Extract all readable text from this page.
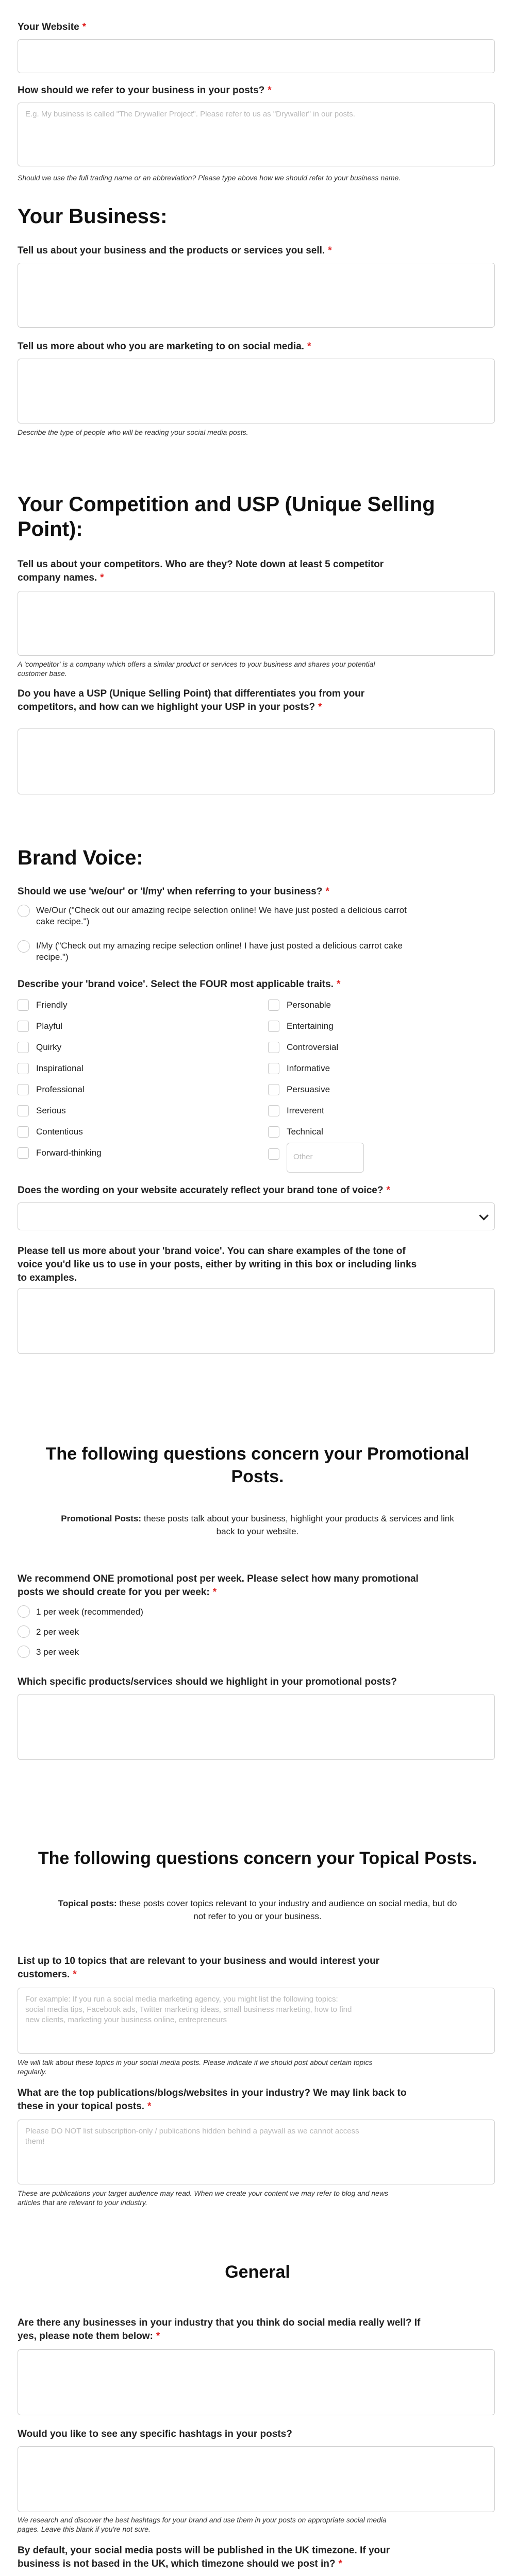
Your Website *
How should we refer to your business in your posts? *
E.g. My business is called "The Drywaller Project". Please refer to us as "Drywaller" in our posts.
Should we use the full trading name or an abbreviation? Please type above how we should refer to your business name.
Your Business:
Tell us about your business and the products or services you sell. *
Tell us more about who you are marketing to on social media. *
Describe the type of people who will be reading your social media posts.
Your Competition and USP (Unique Selling
Point):
Tell us about your competitors. Who are they? Note down at least 5 competitor
company names. *
A 'competitor' is a company which offers a similar product or services to your business and shares your potential
customer base.
Do you have a USP (Unique Selling Point) that differentiates you from your
competitors, and how can we highlight your USP in your posts? *
Brand Voice:
Should we use 'we/our' or 'I/my' when referring to your business? *
We/Our ("Check out our amazing recipe selection online! We have just posted a delicious carrot
cake recipe.")
I/My ("Check out my amazing recipe selection online! I have just posted a delicious carrot cake
recipe.")
Describe your 'brand voice'. Select the FOUR most applicable traits. *
Friendly
Playful
Quirky
Inspirational
Professional
Serious
Contentious
Forward-thinking
Personable
Entertaining
Controversial
Informative
Persuasive
Irreverent
Technical
Other
Does the wording on your website accurately reflect your brand tone of voice? *
Please tell us more about your 'brand voice'. You can share examples of the tone of
voice you'd like us to use in your posts, either by writing in this box or including links
to examples.
The following questions concern your Promotional
Posts.
Promotional Posts: these posts talk about your business, highlight your products & services and link
back to your website.
We recommend ONE promotional post per week. Please select how many promotional
posts we should create for you per week: *
1 per week (recommended)
2 per week
3 per week
Which specific products/services should we highlight in your promotional posts?
The following questions concern your Topical Posts.
Topical posts: these posts cover topics relevant to your industry and audience on social media, but do
not refer to you or your business.
List up to 10 topics that are relevant to your business and would interest your
customers. *
For example: If you run a social media marketing agency, you might list the following topics:
social media tips, Facebook ads, Twitter marketing ideas, small business marketing, how to find
new clients, marketing your business online, entrepreneurs
We will talk about these topics in your social media posts. Please indicate if we should post about certain topics
regularly.
What are the top publications/blogs/websites in your industry? We may link back to
these in your topical posts. *
Please DO NOT list subscription-only / publications hidden behind a paywall as we cannot access
them!
These are publications your target audience may read. When we create your content we may refer to blog and news
articles that are relevant to your industry.
General
Are there any businesses in your industry that you think do social media really well? If
yes, please note them below: *
Would you like to see any specific hashtags in your posts?
We research and discover the best hashtags for your brand and use them in your posts on appropriate social media
pages. Leave this blank if you're not sure.
By default, your social media posts will be published in the UK timezone. If your
business is not based in the UK, which timezone should we post in? *
